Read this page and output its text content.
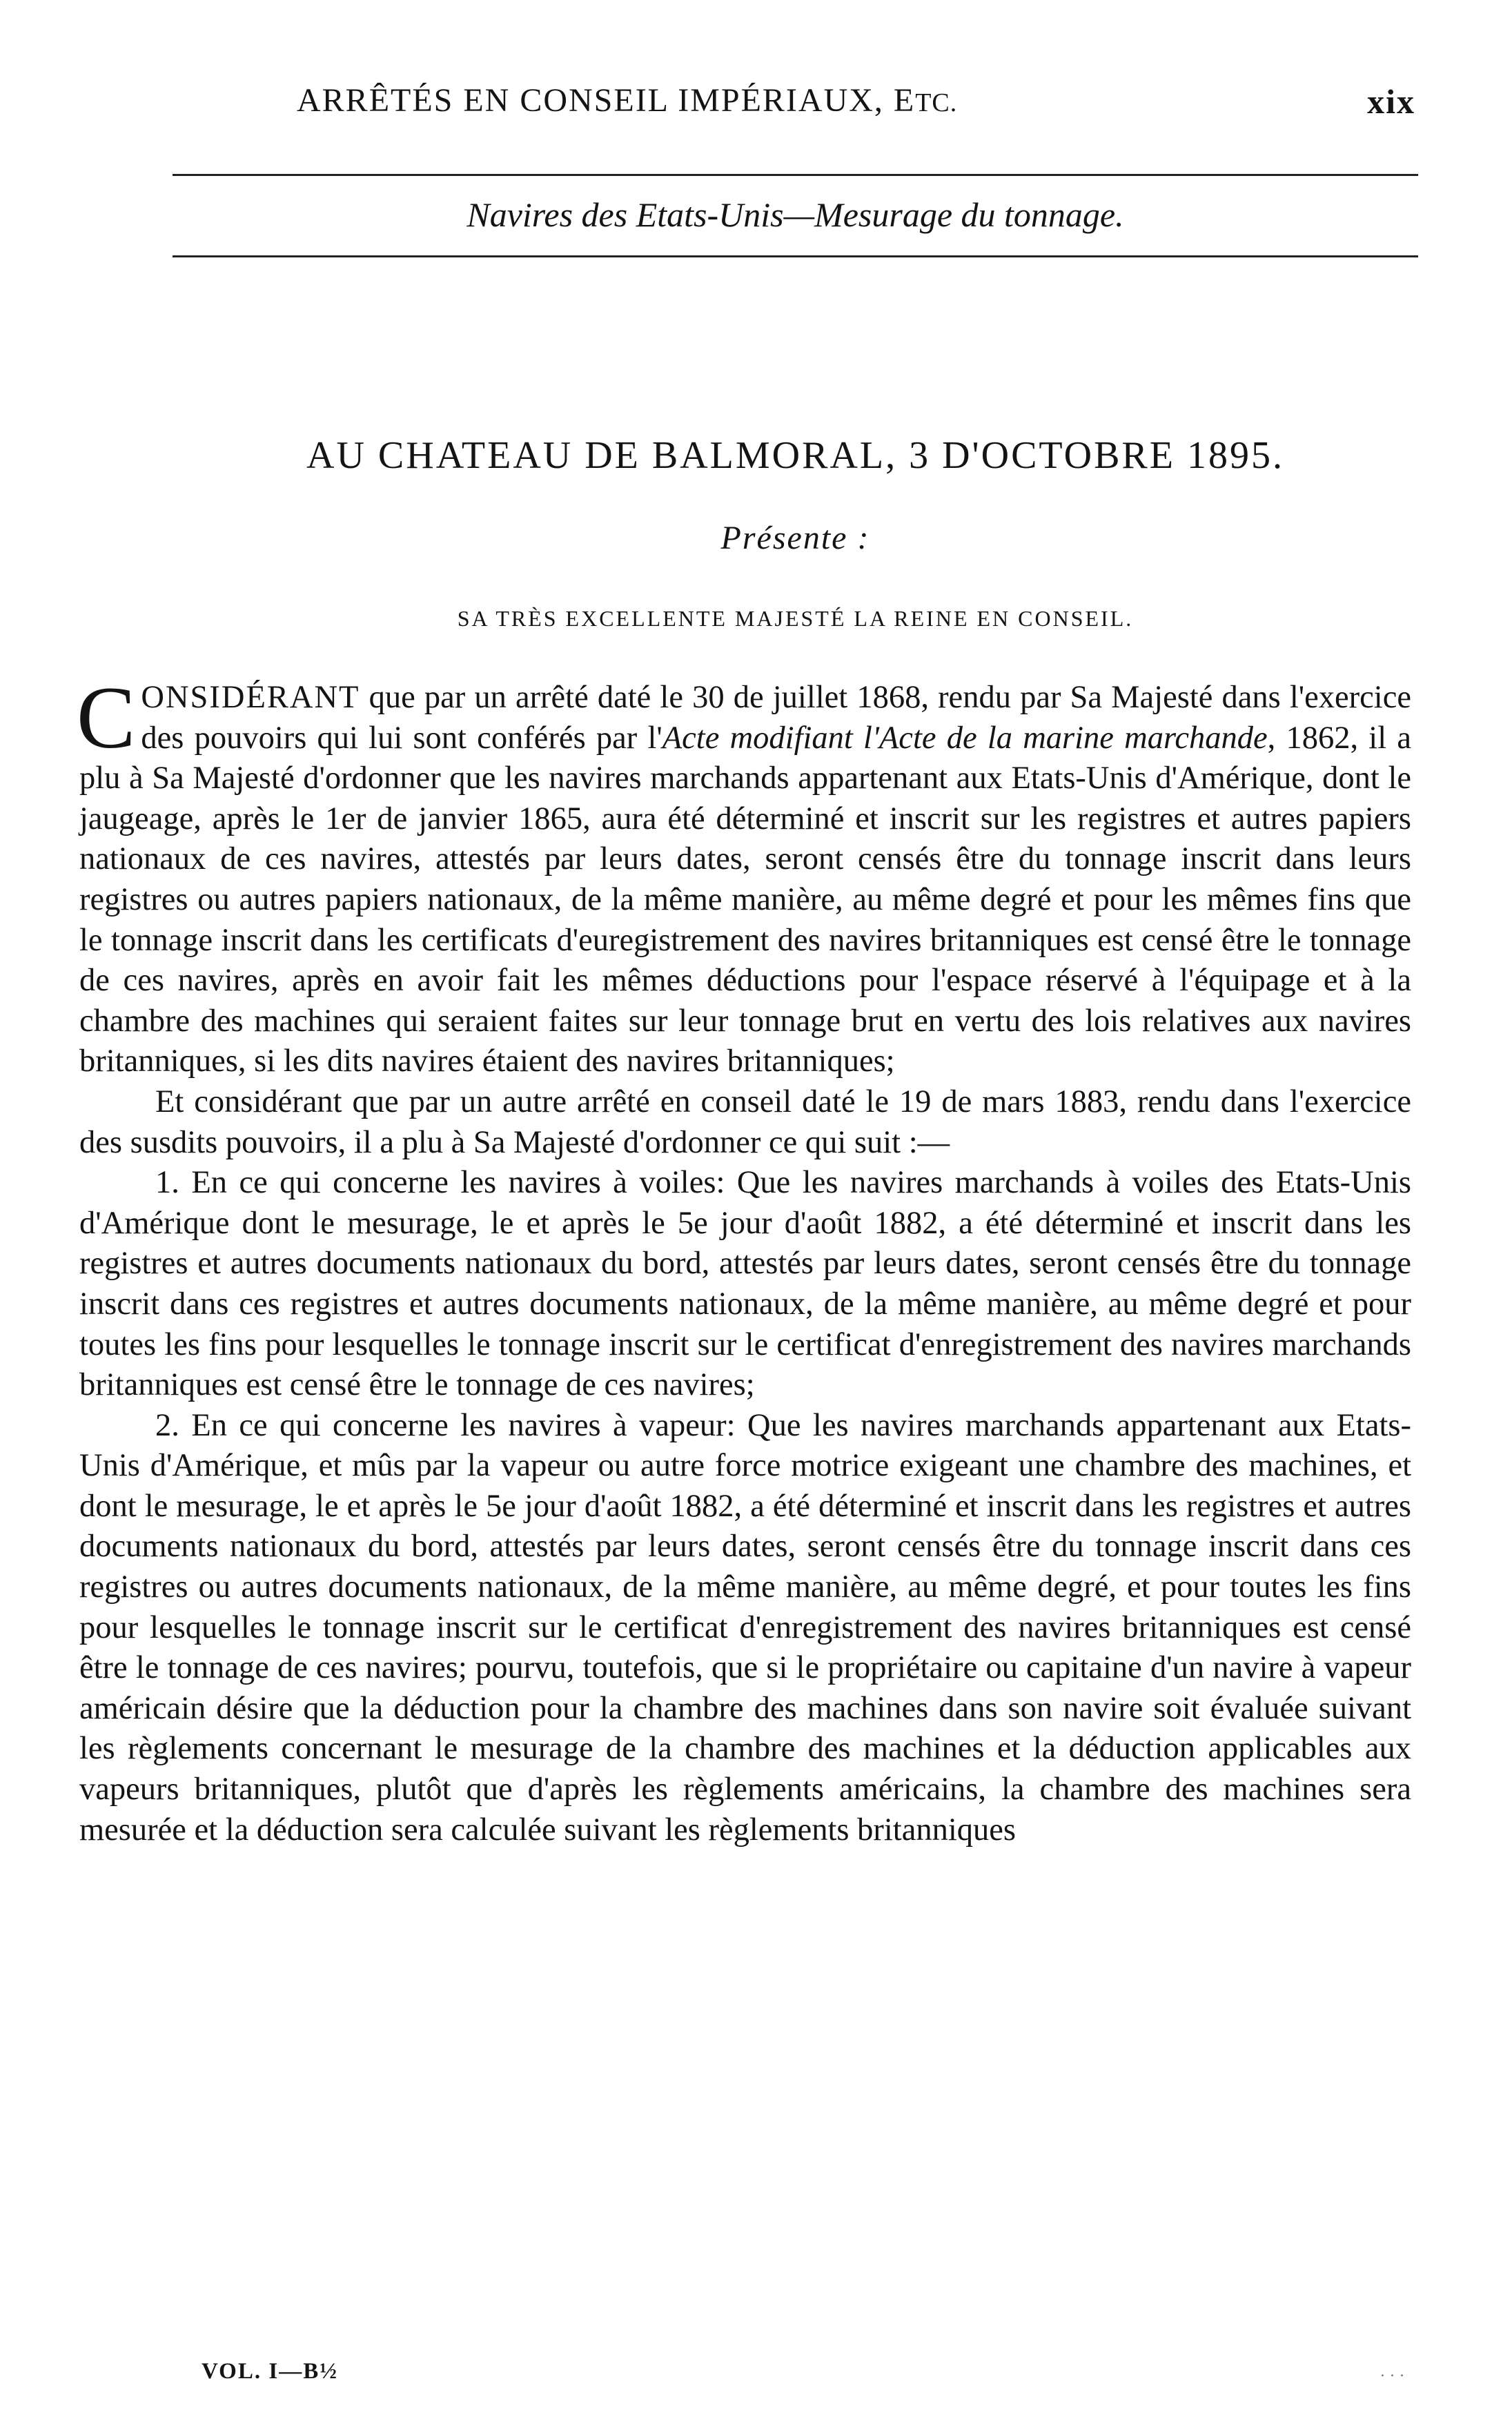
ARRÊTÉS EN CONSEIL IMPÉRIAUX, ETC.	xix
Navires des Etats-Unis—Mesurage du tonnage.
AU CHATEAU DE BALMORAL, 3 D'OCTOBRE 1895.
Présente :
SA TRÈS EXCELLENTE MAJESTÉ LA REINE EN CONSEIL.

CONSIDÉRANT que par un arrêté daté le 30 de juillet 1868, rendu par Sa Majesté dans l'exercice des pouvoirs qui lui sont conférés par l'Acte modifiant l'Acte de la marine marchande, 1862, il a plu à Sa Majesté d'ordonner que les navires marchands appartenant aux Etats-Unis d'Amérique, dont le jaugeage, après le 1er de janvier 1865, aura été déterminé et inscrit sur les registres et autres papiers nationaux de ces navires, attestés par leurs dates, seront censés être du tonnage inscrit dans leurs registres ou autres papiers nationaux, de la même manière, au même degré et pour les mêmes fins que le tonnage inscrit dans les certificats d'euregistrement des navires britanniques est censé être le tonnage de ces navires, après en avoir fait les mêmes déductions pour l'espace réservé à l'équipage et à la chambre des machines qui seraient faites sur leur tonnage brut en vertu des lois relatives aux navires britanniques, si les dits navires étaient des navires britanniques;

Et considérant que par un autre arrêté en conseil daté le 19 de mars 1883, rendu dans l'exercice des susdits pouvoirs, il a plu à Sa Majesté d'ordonner ce qui suit :—

1. En ce qui concerne les navires à voiles: Que les navires marchands à voiles des Etats-Unis d'Amérique dont le mesurage, le et après le 5e jour d'août 1882, a été déterminé et inscrit dans les registres et autres documents nationaux du bord, attestés par leurs dates, seront censés être du tonnage inscrit dans ces registres et autres documents nationaux, de la même manière, au même degré et pour toutes les fins pour lesquelles le tonnage inscrit sur le certificat d'enregistrement des navires marchands britanniques est censé être le tonnage de ces navires;

2. En ce qui concerne les navires à vapeur: Que les navires marchands appartenant aux Etats-Unis d'Amérique, et mûs par la vapeur ou autre force motrice exigeant une chambre des machines, et dont le mesurage, le et après le 5e jour d'août 1882, a été déterminé et inscrit dans les registres et autres documents nationaux du bord, attestés par leurs dates, seront censés être du tonnage inscrit dans ces registres ou autres documents nationaux, de la même manière, au même degré, et pour toutes les fins pour lesquelles le tonnage inscrit sur le certificat d'enregistrement des navires britanniques est censé être le tonnage de ces navires; pourvu, toutefois, que si le propriétaire ou capitaine d'un navire à vapeur américain désire que la déduction pour la chambre des machines dans son navire soit évaluée suivant les règlements concernant le mesurage de la chambre des machines et la déduction applicables aux vapeurs britanniques, plutôt que d'après les règlements américains, la chambre des machines sera mesurée et la déduction sera calculée suivant les règlements britanniques

VOL. I—B½	. . .
